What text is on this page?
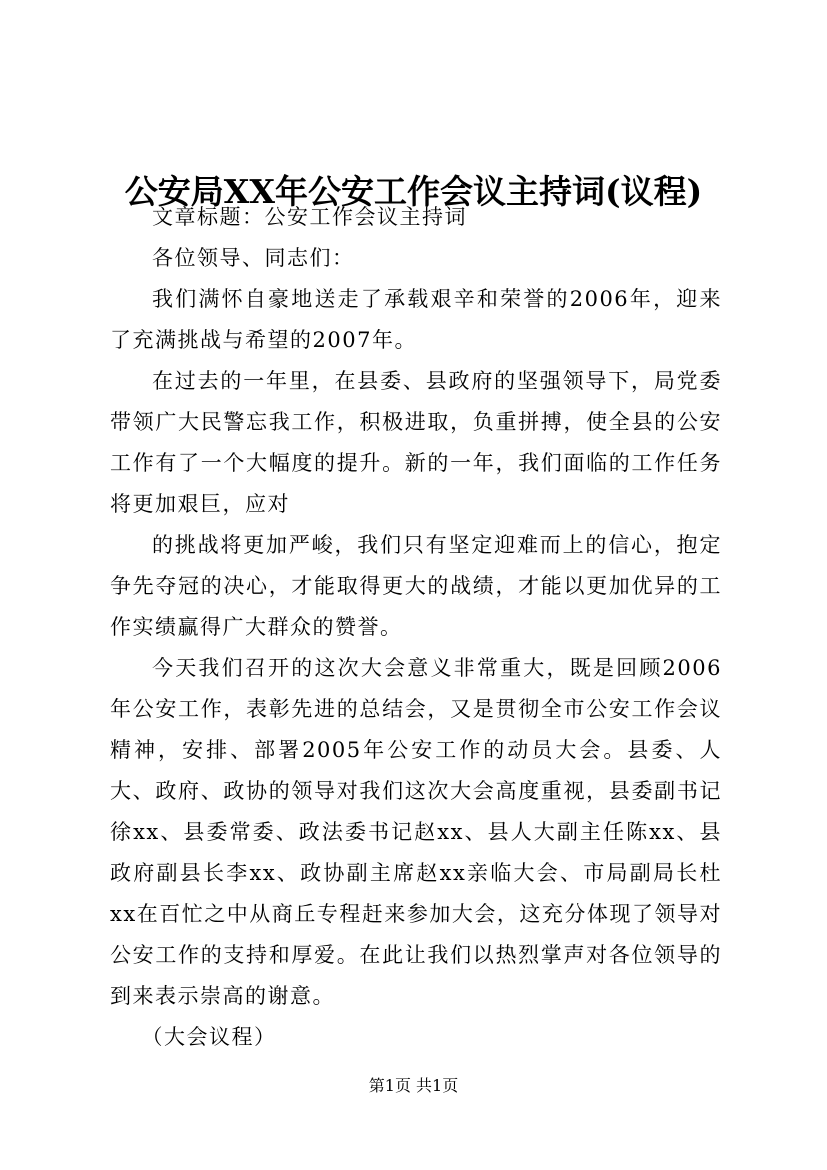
公安局XX年公安工作会议主持词(议程)

文章标题：公安工作会议主持词

各位领导、同志们：

我们满怀自豪地送走了承载艰辛和荣誉的2006年，迎来了充满挑战与希望的2007年。

在过去的一年里，在县委、县政府的坚强领导下，局党委带领广大民警忘我工作，积极进取，负重拼搏，使全县的公安工作有了一个大幅度的提升。新的一年，我们面临的工作任务将更加艰巨，应对

的挑战将更加严峻，我们只有坚定迎难而上的信心，抱定争先夺冠的决心，才能取得更大的战绩，才能以更加优异的工作实绩赢得广大群众的赞誉。

今天我们召开的这次大会意义非常重大，既是回顾2006年公安工作，表彰先进的总结会，又是贯彻全市公安工作会议精神，安排、部署2005年公安工作的动员大会。县委、人大、政府、政协的领导对我们这次大会高度重视，县委副书记徐xx、县委常委、政法委书记赵xx、县人大副主任陈xx、县政府副县长李xx、政协副主席赵xx亲临大会、市局副局长杜xx在百忙之中从商丘专程赶来参加大会，这充分体现了领导对公安工作的支持和厚爱。在此让我们以热烈掌声对各位领导的到来表示崇高的谢意。

（大会议程）

第1页 共1页
